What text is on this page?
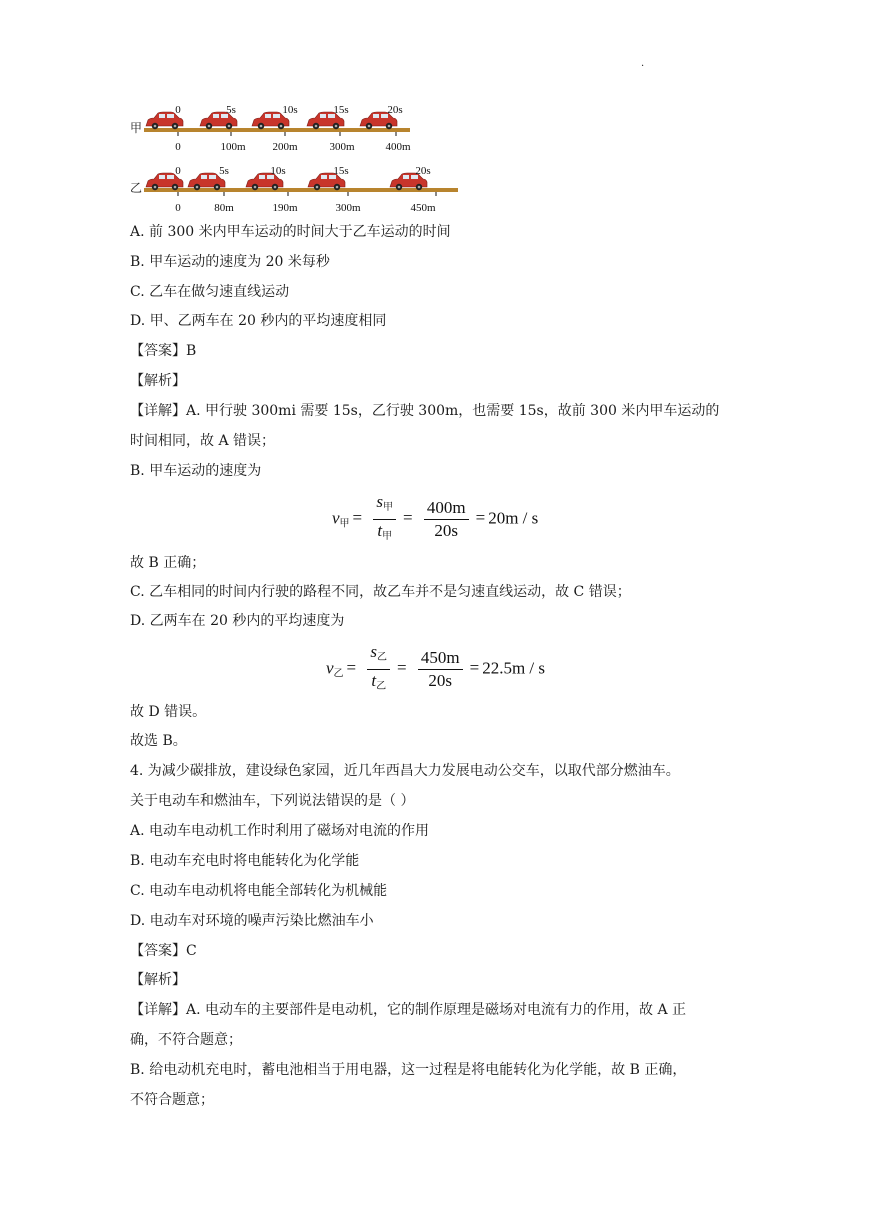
.
甲
0	5s	10s	15s	20s
0	100m 200m	300m	400m
乙
0	5s	10s	15s	20s
0	80m	190m	300m	450m
A. 前 300 米内甲车运动的时间大于乙车运动的时间
B. 甲车运动的速度为 20 米每秒
C. 乙车在做匀速直线运动
D. 甲、乙两车在 20 秒内的平均速度相同
【答案】B
【解析】
【详解】A. 甲行驶 300mi 需要 15s，乙行驶 300m，也需要 15s，故前 300 米内甲车运动的
时间相同，故 A 错误；
B. 甲车运动的速度为
$v_甲 = \frac{s_甲}{t_甲} = \frac{400m}{20s} = 20m / s$
故 B 正确；
C. 乙车相同的时间内行驶的路程不同，故乙车并不是匀速直线运动，故 C 错误；
D. 乙两车在 20 秒内的平均速度为
$v_乙 = \frac{s_乙}{t_乙} = \frac{450m}{20s} = 22.5m / s$
故 D 错误。
故选 B。
4. 为减少碳排放，建设绿色家园，近几年西昌大力发展电动公交车，以取代部分燃油车。
关于电动车和燃油车，下列说法错误的是（ ）
A. 电动车电动机工作时利用了磁场对电流的作用
B. 电动车充电时将电能转化为化学能
C. 电动车电动机将电能全部转化为机械能
D. 电动车对环境的噪声污染比燃油车小
【答案】C
【解析】
【详解】A. 电动车的主要部件是电动机，它的制作原理是磁场对电流有力的作用，故 A 正
确，不符合题意；
B. 给电动机充电时，蓄电池相当于用电器，这一过程是将电能转化为化学能，故 B 正确，
不符合题意；
